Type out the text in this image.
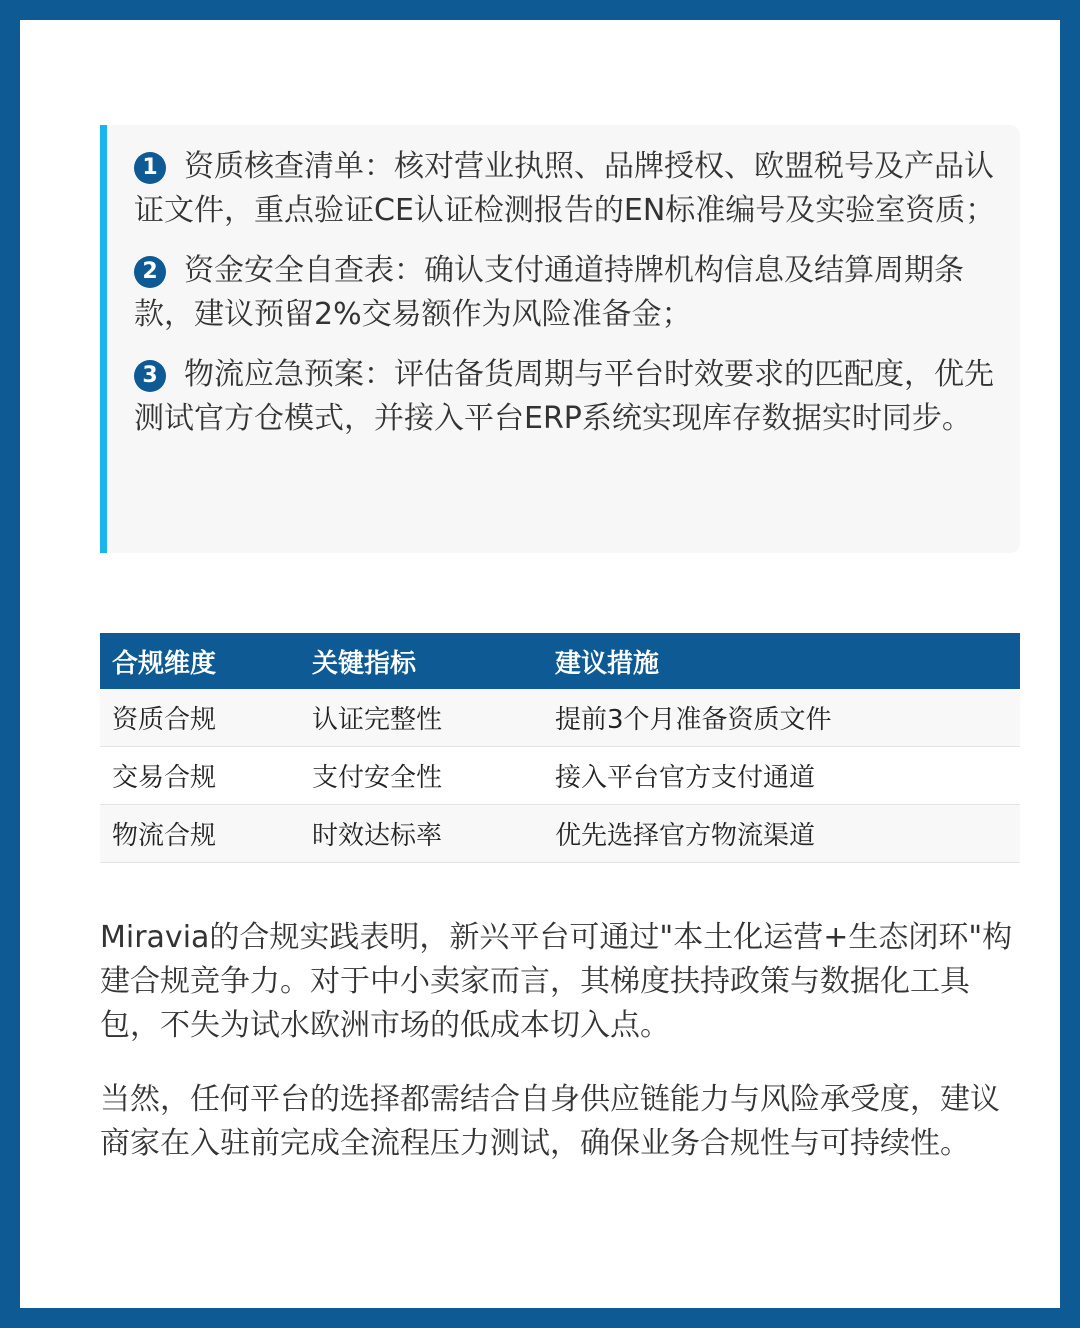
1 资质核查清单：核对营业执照、品牌授权、欧盟税号及产品认证文件，重点验证CE认证检测报告的EN标准编号及实验室资质；
2 资金安全自查表：确认支付通道持牌机构信息及结算周期条款，建议预留2%交易额作为风险准备金；
3 物流应急预案：评估备货周期与平台时效要求的匹配度，优先测试官方仓模式，并接入平台ERP系统实现库存数据实时同步。
合规维度	关键指标	建议措施
资质合规	认证完整性	提前3个月准备资质文件
交易合规	支付安全性	接入平台官方支付通道
物流合规	时效达标率	优先选择官方物流渠道

Miravia的合规实践表明，新兴平台可通过"本土化运营+生态闭环"构建合规竞争力。对于中小卖家而言，其梯度扶持政策与数据化工具包，不失为试水欧洲市场的低成本切入点。

当然，任何平台的选择都需结合自身供应链能力与风险承受度，建议商家在入驻前完成全流程压力测试，确保业务合规性与可持续性。
